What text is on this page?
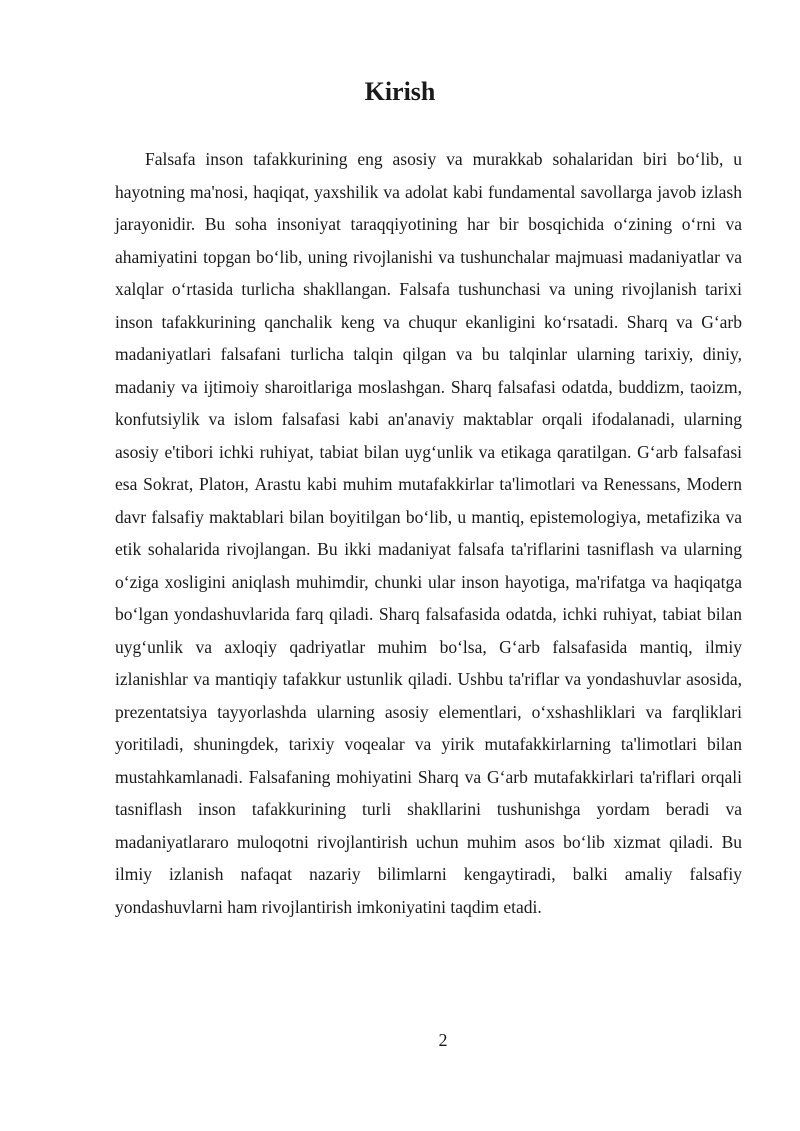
Kirish

Falsafa inson tafakkurining eng asosiy va murakkab sohalaridan biri boʻlib, u hayotning ma'nosi, haqiqat, yaxshilik va adolat kabi fundamental savollarga javob izlash jarayonidir. Bu soha insoniyat taraqqiyotining har bir bosqichida oʻzining oʻrni va ahamiyatini topgan boʻlib, uning rivojlanishi va tushunchalar majmuasi madaniyatlar va xalqlar oʻrtasida turlicha shakllangan. Falsafa tushunchasi va uning rivojlanish tarixi inson tafakkurining qanchalik keng va chuqur ekanligini koʻrsatadi. Sharq va Gʻarb madaniyatlari falsafani turlicha talqin qilgan va bu talqinlar ularning tarixiy, diniy, madaniy va ijtimoiy sharoitlariga moslashgan. Sharq falsafasi odatda, buddizm, taoizm, konfutsiylik va islom falsafasi kabi an'anaviy maktablar orqali ifodalanadi, ularning asosiy e'tibori ichki ruhiyat, tabiat bilan uygʻunlik va etikaga qaratilgan. Gʻarb falsafasi esa Sokrat, Platoн, Arastu kabi muhim mutafakkirlar ta'limotlari va Renessans, Modern davr falsafiy maktablari bilan boyitilgan boʻlib, u mantiq, epistemologiya, metafizika va etik sohalarida rivojlangan. Bu ikki madaniyat falsafa ta'riflarini tasniflash va ularning oʻziga xosligini aniqlash muhimdir, chunki ular inson hayotiga, ma'rifatga va haqiqatga boʻlgan yondashuvlarida farq qiladi. Sharq falsafasida odatda, ichki ruhiyat, tabiat bilan uygʻunlik va axloqiy qadriyatlar muhim boʻlsa, Gʻarb falsafasida mantiq, ilmiy izlanishlar va mantiqiy tafakkur ustunlik qiladi. Ushbu ta'riflar va yondashuvlar asosida, prezentatsiya tayyorlashda ularning asosiy elementlari, oʻxshashliklari va farqliklari yoritiladi, shuningdek, tarixiy voqealar va yirik mutafakkirlarning ta'limotlari bilan mustahkamlanadi. Falsafaning mohiyatini Sharq va Gʻarb mutafakkirlari ta'riflari orqali tasniflash inson tafakkurining turli shakllarini tushunishga yordam beradi va madaniyatlararo muloqotni rivojlantirish uchun muhim asos boʻlib xizmat qiladi. Bu ilmiy izlanish nafaqat nazariy bilimlarni kengaytiradi, balki amaliy falsafiy yondashuvlarni ham rivojlantirish imkoniyatini taqdim etadi.

2
